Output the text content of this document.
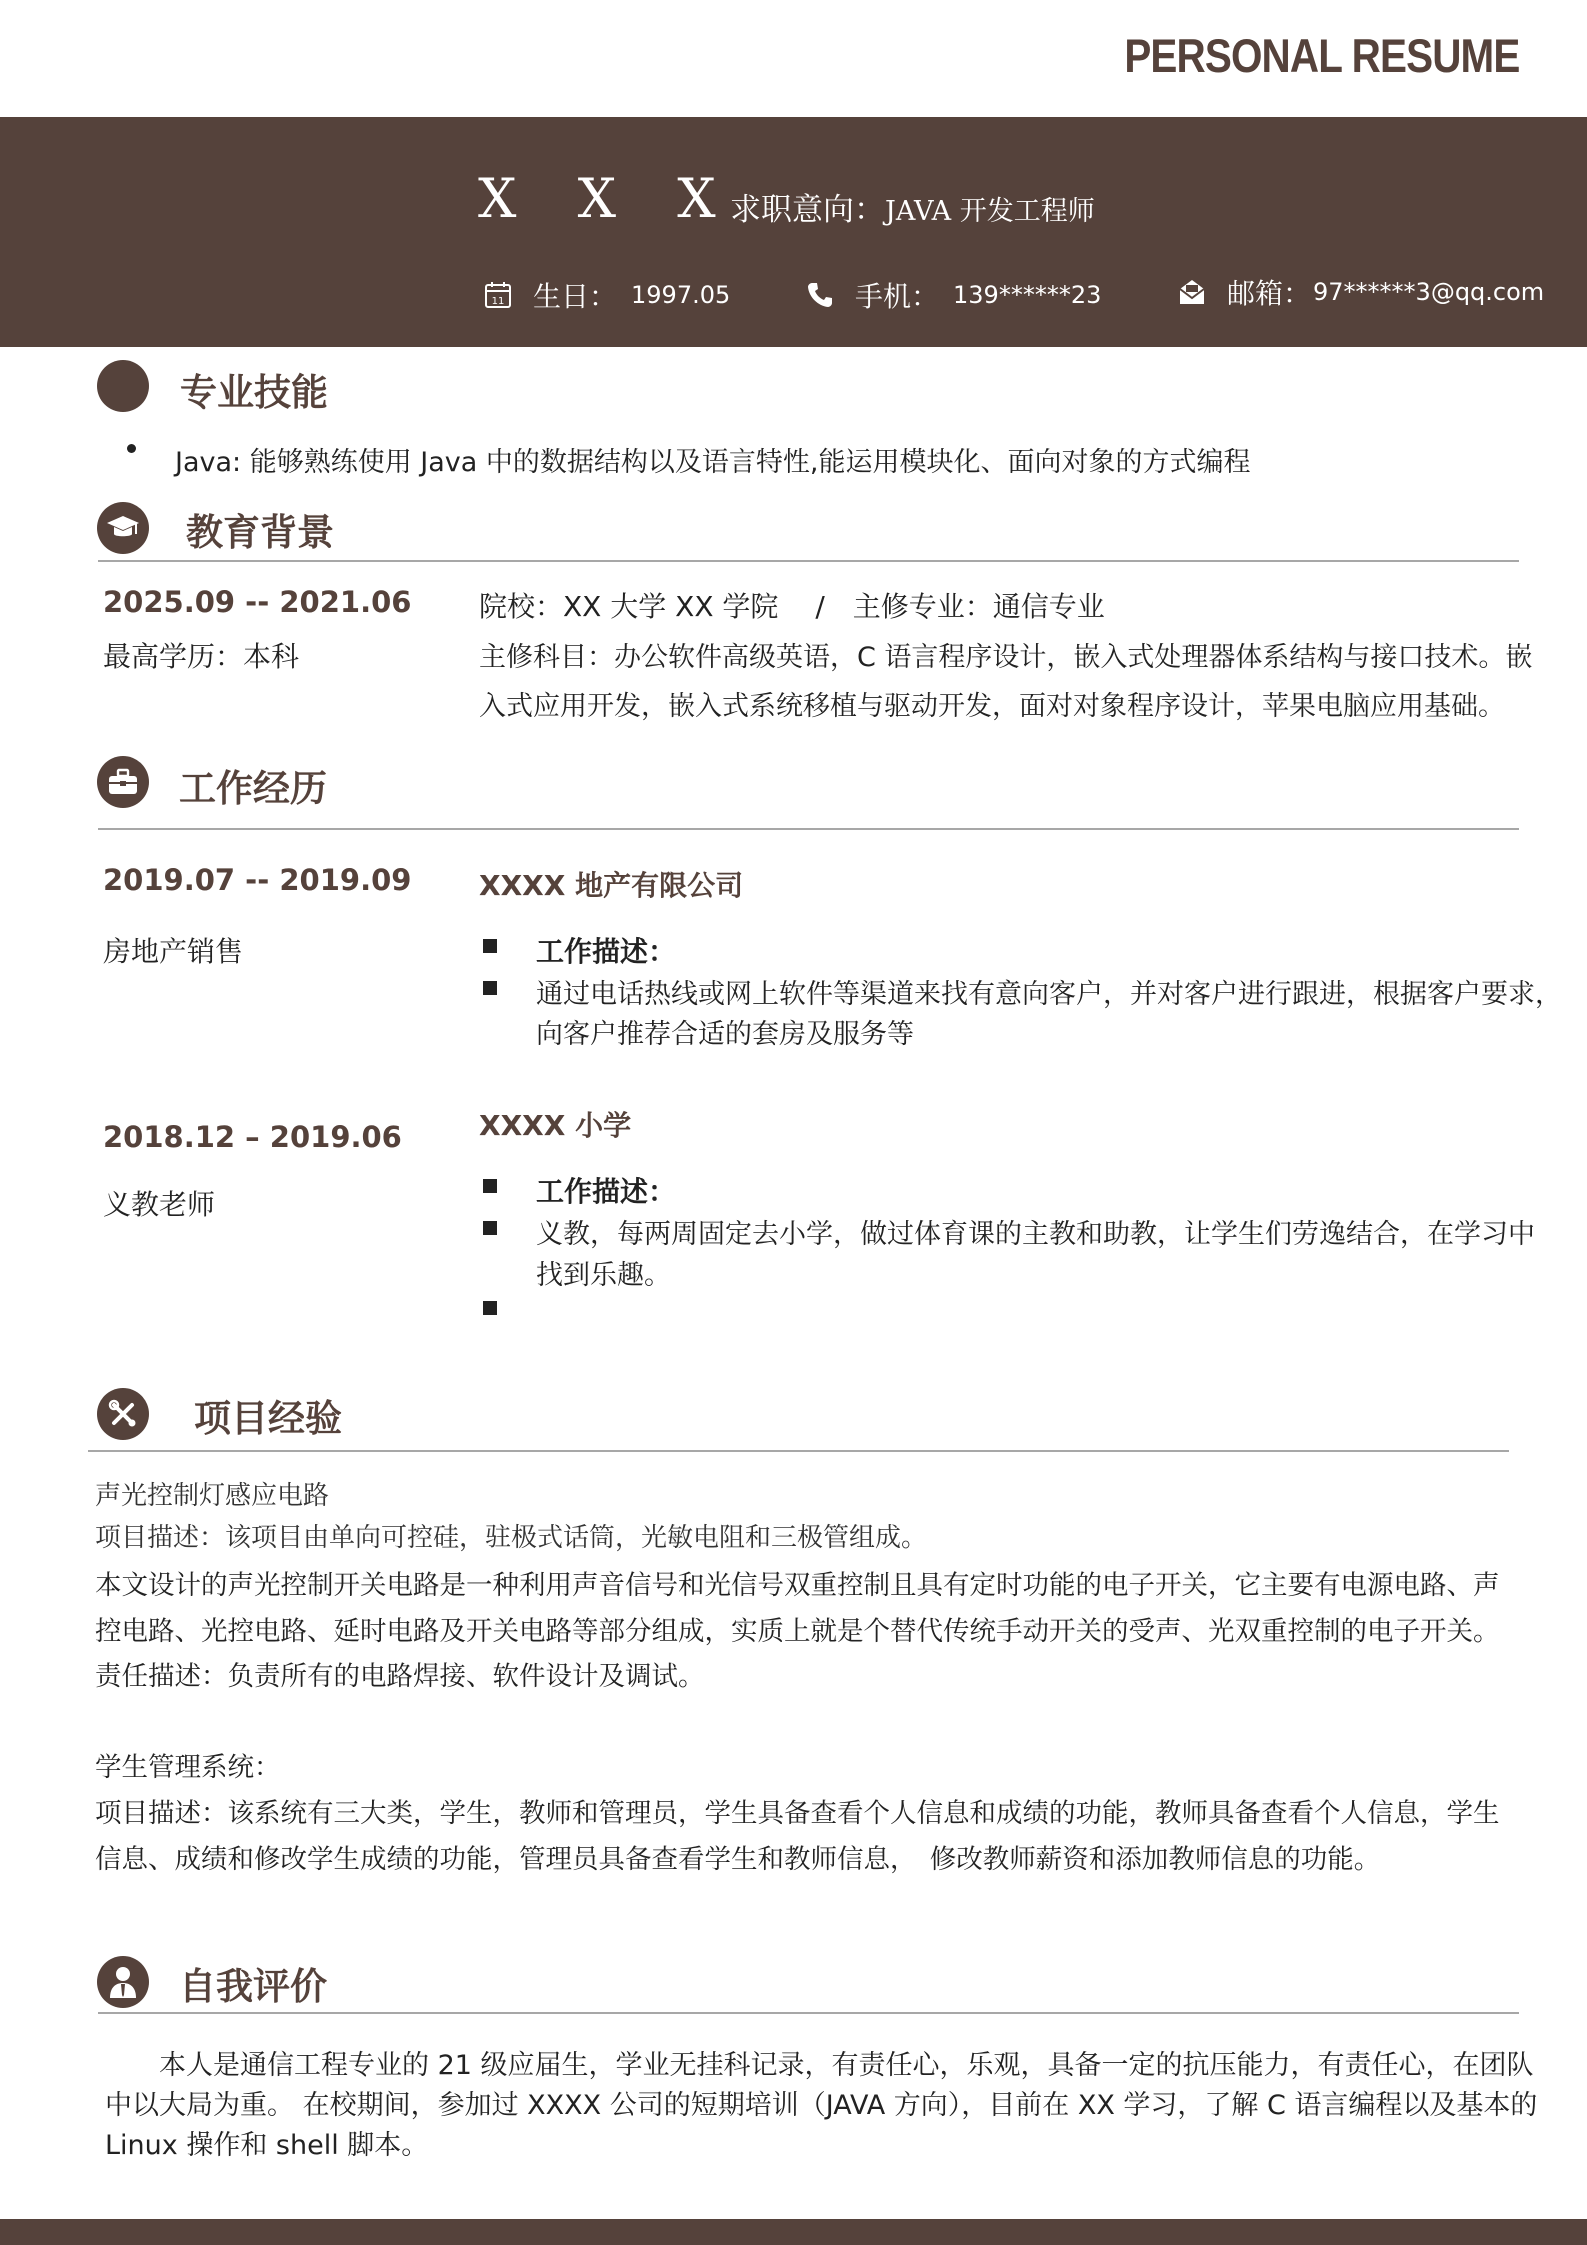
PERSONAL RESUME
X X X
求职意向：JAVA 开发工程师
11 生日： 1997.05	手机： 139******23	邮箱： 97******3@qq.com
专业技能
Java: 能够熟练使用 Java 中的数据结构以及语言特性,能运用模块化、面向对象的方式编程
教育背景
2025.09 -- 2021.06
最高学历：本科
院校：XX 大学 XX 学院 　/　主修专业：通信专业
主修科目：办公软件高级英语，C 语言程序设计，嵌入式处理器体系结构与接口技术。嵌
入式应用开发，嵌入式系统移植与驱动开发，面对对象程序设计，苹果电脑应用基础。
工作经历
2019.07 -- 2019.09
房地产销售
XXXX 地产有限公司
工作描述：
通过电话热线或网上软件等渠道来找有意向客户，并对客户进行跟进，根据客户要求，
向客户推荐合适的套房及服务等
2018.12 – 2019.06
义教老师
XXXX 小学
工作描述：
义教，每两周固定去小学，做过体育课的主教和助教，让学生们劳逸结合，在学习中
找到乐趣。
项目经验
声光控制灯感应电路
项目描述：该项目由单向可控硅，驻极式话筒，光敏电阻和三极管组成。
本文设计的声光控制开关电路是一种利用声音信号和光信号双重控制且具有定时功能的电子开关，它主要有电源电路、声
控电路、光控电路、延时电路及开关电路等部分组成，实质上就是个替代传统手动开关的受声、光双重控制的电子开关。
责任描述：负责所有的电路焊接、软件设计及调试。
学生管理系统：
项目描述：该系统有三大类，学生，教师和管理员，学生具备查看个人信息和成绩的功能，教师具备查看个人信息，学生
信息、成绩和修改学生成绩的功能，管理员具备查看学生和教师信息，　修改教师薪资和添加教师信息的功能。
自我评价
　　本人是通信工程专业的 21 级应届生，学业无挂科记录，有责任心，乐观，具备一定的抗压能力，有责任心，在团队
中以大局为重。 在校期间，参加过 XXXX 公司的短期培训（JAVA 方向），目前在 XX 学习，了解 C 语言编程以及基本的
Linux 操作和 shell 脚本。
